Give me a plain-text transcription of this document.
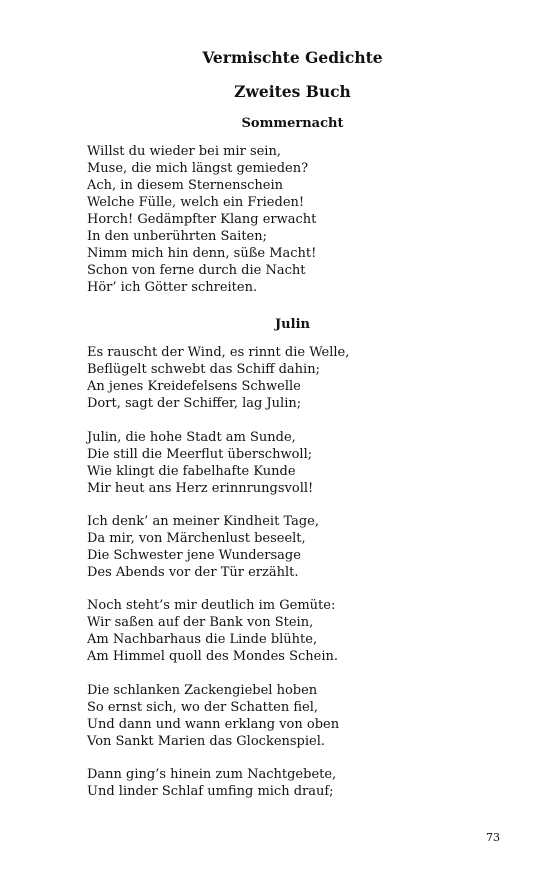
Vermischte Gedichte
Zweites Buch
Sommernacht
Willst du wieder bei mir sein,
Muse, die mich längst gemieden?
Ach, in diesem Sternenschein
Welche Fülle, welch ein Frieden!
Horch! Gedämpfter Klang erwacht
In den unberührten Saiten;
Nimm mich hin denn, süße Macht!
Schon von ferne durch die Nacht
Hör’ ich Götter schreiten.
Julin
Es rauscht der Wind, es rinnt die Welle,
Beflügelt schwebt das Schiff dahin;
An jenes Kreidefelsens Schwelle
Dort, sagt der Schiffer, lag Julin;
Julin, die hohe Stadt am Sunde,
Die still die Meerflut überschwoll;
Wie klingt die fabelhafte Kunde
Mir heut ans Herz erinnrungsvoll!
Ich denk’ an meiner Kindheit Tage,
Da mir, von Märchenlust beseelt,
Die Schwester jene Wundersage
Des Abends vor der Tür erzählt.
Noch steht’s mir deutlich im Gemüte:
Wir saßen auf der Bank von Stein,
Am Nachbarhaus die Linde blühte,
Am Himmel quoll des Mondes Schein.
Die schlanken Zackengiebel hoben
So ernst sich, wo der Schatten fiel,
Und dann und wann erklang von oben
Von Sankt Marien das Glockenspiel.
Dann ging’s hinein zum Nachtgebete,
Und linder Schlaf umfing mich drauf;
73
